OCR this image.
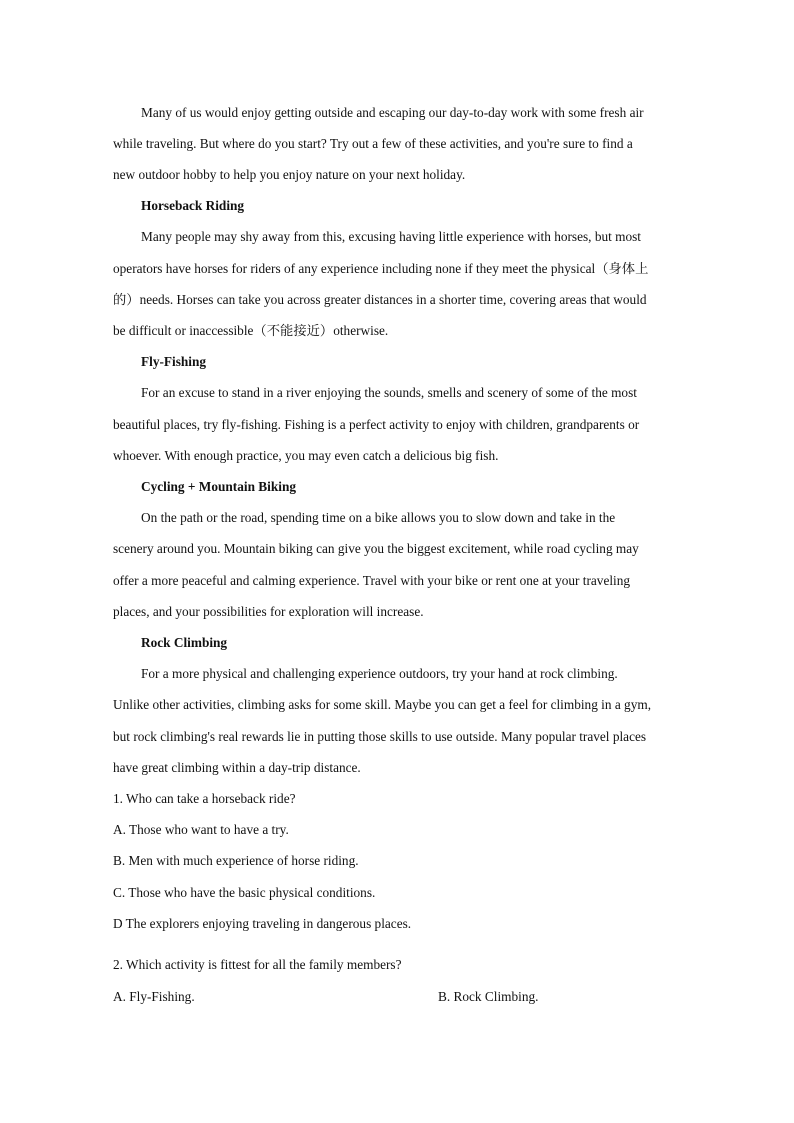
Many of us would enjoy getting outside and escaping our day-to-day work with some fresh air
while traveling. But where do you start? Try out a few of these activities, and you're sure to find a
new outdoor hobby to help you enjoy nature on your next holiday.
Horseback Riding
Many people may shy away from this, excusing having little experience with horses, but most
operators have horses for riders of any experience including none if they meet the physical（身体上
的）needs. Horses can take you across greater distances in a shorter time, covering areas that would
be difficult or inaccessible（不能接近）otherwise.
Fly-Fishing
For an excuse to stand in a river enjoying the sounds, smells and scenery of some of the most
beautiful places, try fly-fishing. Fishing is a perfect activity to enjoy with children, grandparents or
whoever. With enough practice, you may even catch a delicious big fish.
Cycling + Mountain Biking
On the path or the road, spending time on a bike allows you to slow down and take in the
scenery around you. Mountain biking can give you the biggest excitement, while road cycling may
offer a more peaceful and calming experience. Travel with your bike or rent one at your traveling
places, and your possibilities for exploration will increase.
Rock Climbing
For a more physical and challenging experience outdoors, try your hand at rock climbing.
Unlike other activities, climbing asks for some skill. Maybe you can get a feel for climbing in a gym,
but rock climbing's real rewards lie in putting those skills to use outside. Many popular travel places
have great climbing within a day-trip distance.
1. Who can take a horseback ride?
A. Those who want to have a try.
B. Men with much experience of horse riding.
C. Those who have the basic physical conditions.
D The explorers enjoying traveling in dangerous places.
2. Which activity is fittest for all the family members?
A. Fly-Fishing.	B. Rock Climbing.
